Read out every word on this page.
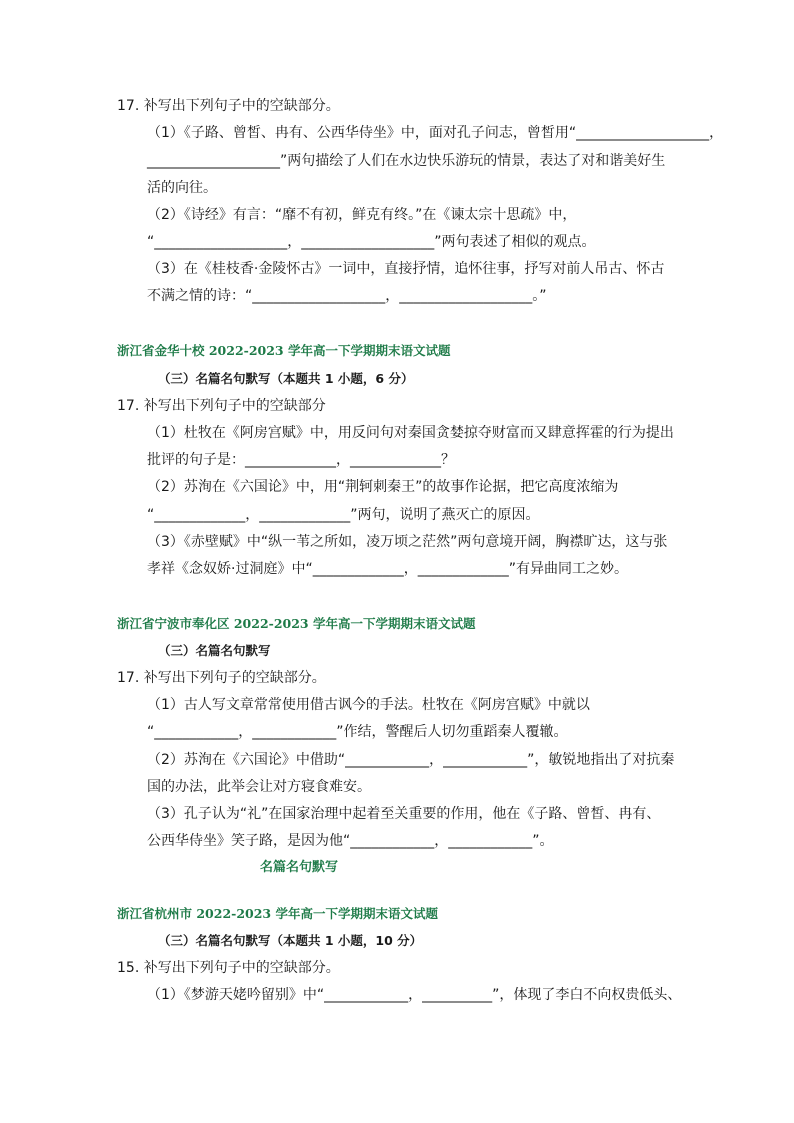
17. 补写出下列句子中的空缺部分。
（1）《子路、曾皙、冉有、公西华侍坐》中，面对孔子问志，曾皙用“___________________，
___________________”两句描绘了人们在水边快乐游玩的情景，表达了对和谐美好生
活的向往。
（2）《诗经》有言：“靡不有初，鲜克有终。”在《谏太宗十思疏》中，
“___________________，___________________”两句表述了相似的观点。
（3）在《桂枝香·金陵怀古》一词中，直接抒情，追怀往事，抒写对前人吊古、怀古
不满之情的诗：“___________________，___________________。”
浙江省金华十校 2022-2023 学年高一下学期期末语文试题
（三）名篇名句默写（本题共 1 小题，6 分）
17. 补写出下列句子中的空缺部分
（1）杜牧在《阿房宫赋》中，用反问句对秦国贪婪掠夺财富而又肆意挥霍的行为提出
批评的句子是：_____________，_____________？
（2）苏洵在《六国论》中，用“荆轲刺秦王”的故事作论据，把它高度浓缩为
“_____________，_____________”两句，说明了燕灭亡的原因。
（3）《赤壁赋》中“纵一苇之所如，凌万顷之茫然”两句意境开阔，胸襟旷达，这与张
孝祥《念奴娇·过洞庭》中“_____________，_____________”有异曲同工之妙。
浙江省宁波市奉化区 2022-2023 学年高一下学期期末语文试题
（三）名篇名句默写
17. 补写出下列句子的空缺部分。
（1）古人写文章常常使用借古讽今的手法。杜牧在《阿房宫赋》中就以
“____________，____________”作结，警醒后人切勿重蹈秦人覆辙。
（2）苏洵在《六国论》中借助“____________，____________”，敏锐地指出了对抗秦
国的办法，此举会让对方寝食难安。
（3）孔子认为“礼”在国家治理中起着至关重要的作用，他在《子路、曾皙、冉有、
公西华侍坐》笑子路，是因为他“____________，____________”。
名篇名句默写
浙江省杭州市 2022-2023 学年高一下学期期末语文试题
（三）名篇名句默写（本题共 1 小题，10 分）
15. 补写出下列句子中的空缺部分。
（1）《梦游天姥吟留别》中“____________，__________”，体现了李白不向权贵低头、
